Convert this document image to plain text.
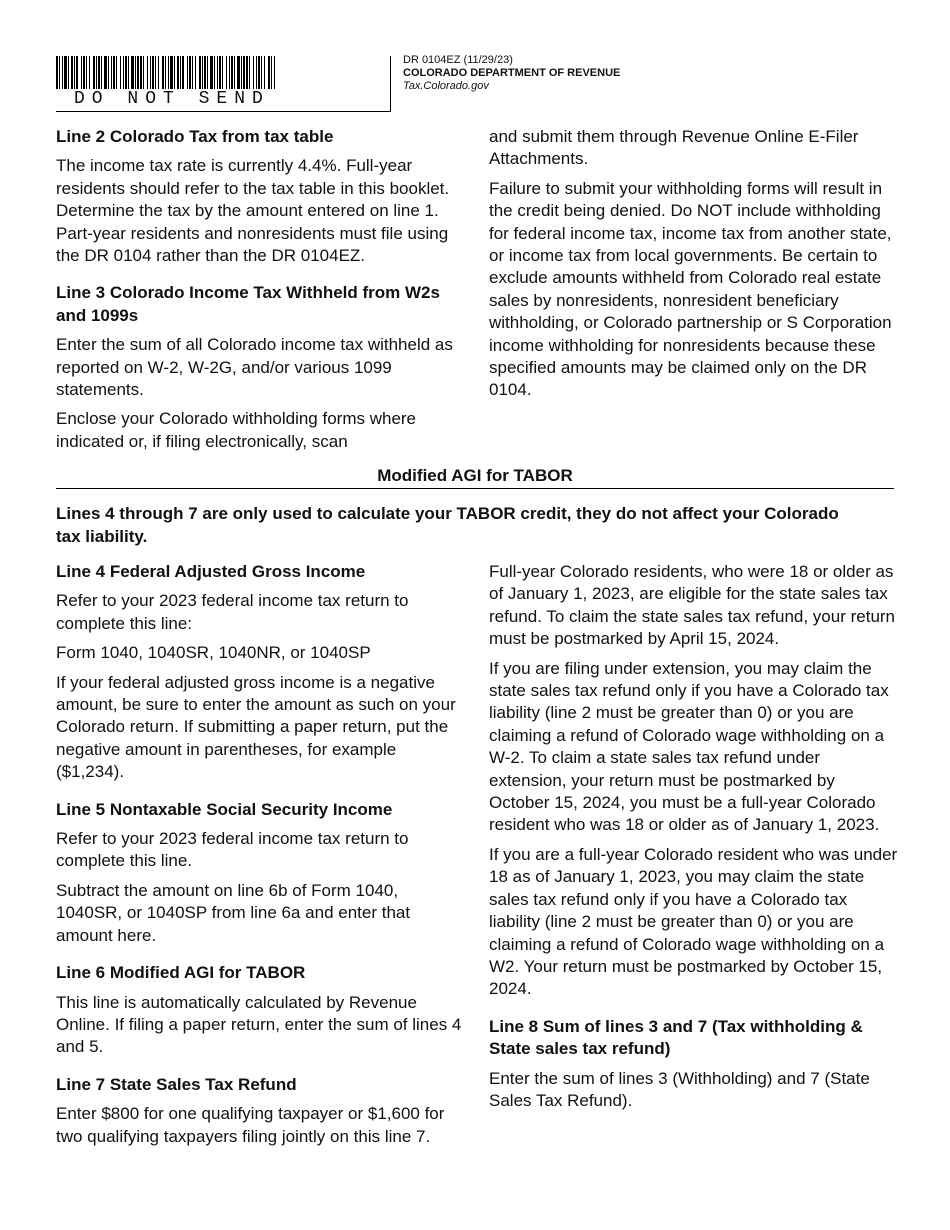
DO NOT SEND
DR 0104EZ (11/29/23)
COLORADO DEPARTMENT OF REVENUE
Tax.Colorado.gov
Line 2 Colorado Tax from tax table

The income tax rate is currently 4.4%. Full-year residents should refer to the tax table in this booklet. Determine the tax by the amount entered on line 1. Part-year residents and nonresidents must file using the DR 0104 rather than the DR 0104EZ.

Line 3 Colorado Income Tax Withheld from W2s and 1099s

Enter the sum of all Colorado income tax withheld as reported on W-2, W-2G, and/or various 1099 statements.

Enclose your Colorado withholding forms where indicated or, if filing electronically, scan

and submit them through Revenue Online E-Filer Attachments.

Failure to submit your withholding forms will result in the credit being denied. Do NOT include withholding for federal income tax, income tax from another state, or income tax from local governments. Be certain to exclude amounts withheld from Colorado real estate sales by nonresidents, nonresident beneficiary withholding, or Colorado partnership or S Corporation income withholding for nonresidents because these specified amounts may be claimed only on the DR 0104.

Modified AGI for TABOR
Lines 4 through 7 are only used to calculate your TABOR credit, they do not affect your Colorado tax liability.
Line 4 Federal Adjusted Gross Income

Refer to your 2023 federal income tax return to complete this line:

Form 1040, 1040SR, 1040NR, or 1040SP

If your federal adjusted gross income is a negative amount, be sure to enter the amount as such on your Colorado return. If submitting a paper return, put the negative amount in parentheses, for example ($1,234).

Line 5 Nontaxable Social Security Income

Refer to your 2023 federal income tax return to complete this line.

Subtract the amount on line 6b of Form 1040, 1040SR, or 1040SP from line 6a and enter that amount here.

Line 6 Modified AGI for TABOR

This line is automatically calculated by Revenue Online. If filing a paper return, enter the sum of lines 4 and 5.

Line 7 State Sales Tax Refund

Enter $800 for one qualifying taxpayer or $1,600 for two qualifying taxpayers filing jointly on this line 7.

Full-year Colorado residents, who were 18 or older as of January 1, 2023, are eligible for the state sales tax refund. To claim the state sales tax refund, your return must be postmarked by April 15, 2024.

If you are filing under extension, you may claim the state sales tax refund only if you have a Colorado tax liability (line 2 must be greater than 0) or you are claiming a refund of Colorado wage withholding on a W-2. To claim a state sales tax refund under extension, your return must be postmarked by October 15, 2024, you must be a full-year Colorado resident who was 18 or older as of January 1, 2023.

If you are a full-year Colorado resident who was under 18 as of January 1, 2023, you may claim the state sales tax refund only if you have a Colorado tax liability (line 2 must be greater than 0) or you are claiming a refund of Colorado wage withholding on a W2. Your return must be postmarked by October 15, 2024.

Line 8 Sum of lines 3 and 7 (Tax withholding & State sales tax refund)

Enter the sum of lines 3 (Withholding) and 7 (State Sales Tax Refund).
